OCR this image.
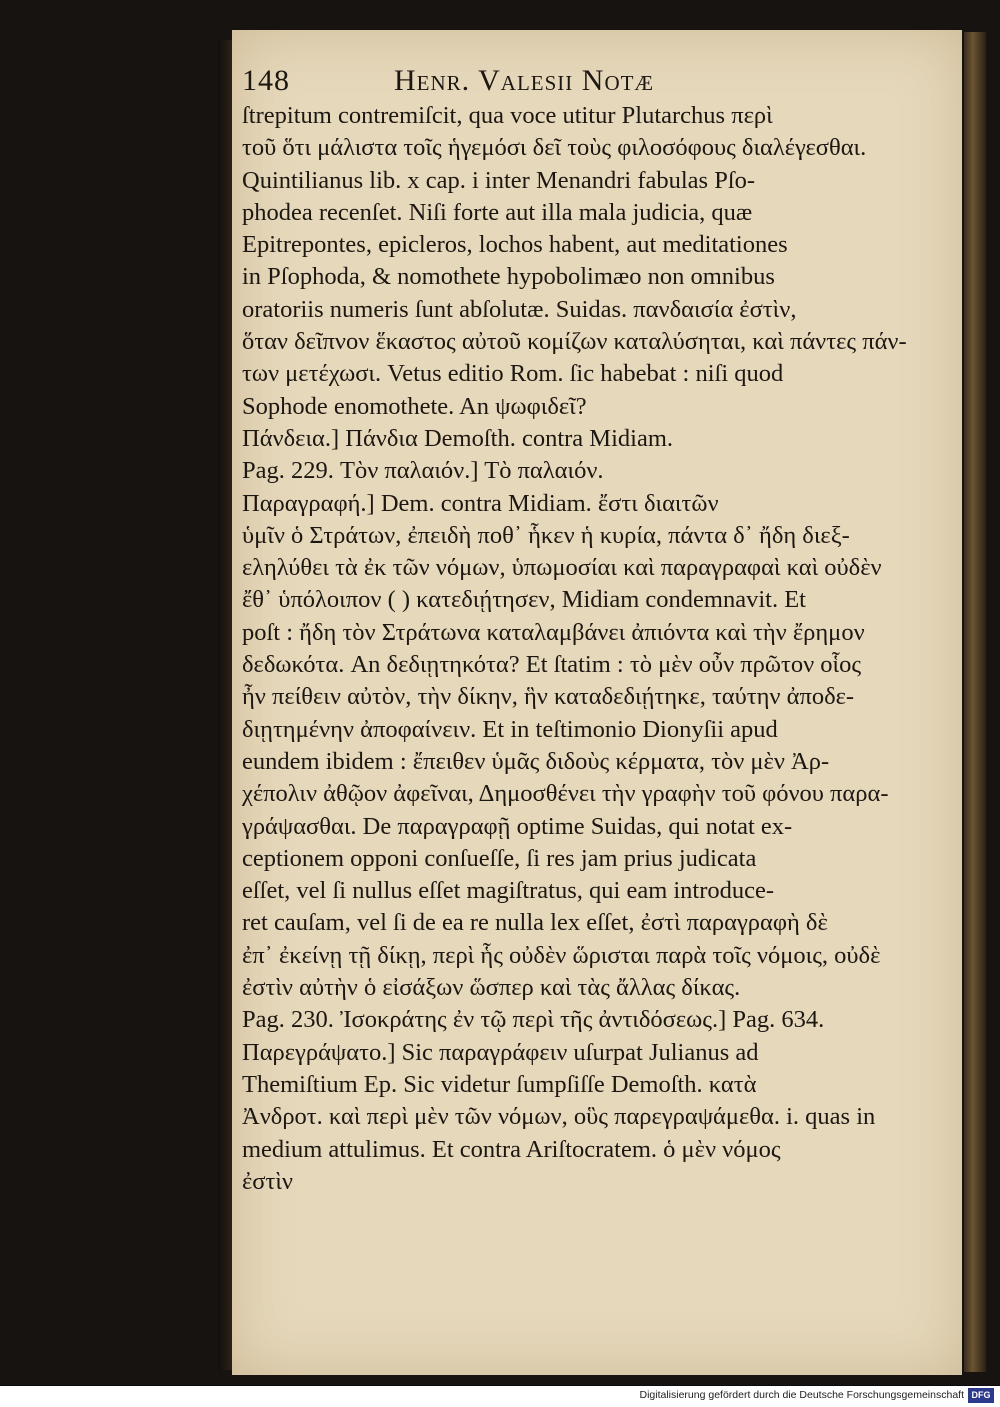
148	Henr. Valesii Notæ
ſtrepitum contremiſcit, qua voce utitur Plutarchus περὶ
τοῦ ὅτι μάλιστα τοῖς ἡγεμόσι δεῖ τοὺς φιλοσόφους διαλέγεσθαι.
Quintilianus lib. x cap. i inter Menandri fabulas Pſo-
phodea recenſet. Niſi forte aut illa mala judicia, quæ
Epitrepontes, epicleros, lochos habent, aut meditationes
in Pſophoda, & nomothete hypobolimæo non omnibus
oratoriis numeris ſunt abſolutæ. Suidas. πανδαισία ἐστὶν,
ὅταν δεῖπνον ἕκαστος αὐτοῦ κομίζων καταλύσηται, καὶ πάντες πάν-
των μετέχωσι. Vetus editio Rom. ſic habebat : niſi quod
Sophode enomothete. An ψωφιδεῖ?
Πάνδεια.] Πάνδια Demoſth. contra Midiam.
Pag. 229. Τὸν παλαιόν.] Τὸ παλαιόν.
Παραγραφή.] Dem. contra Midiam. ἔστι διαιτῶν
ὑμῖν ὁ Στράτων, ἐπειδὴ ποθ᾽ ἧκεν ἡ κυρία, πάντα δ᾽ ἤδη διεξ-
εληλύθει τὰ ἐκ τῶν νόμων, ὑπωμοσίαι καὶ παραγραφαὶ καὶ οὐδὲν
ἔθ᾽ ὑπόλοιπον ( ) κατεδιῄτησεν, Midiam condemnavit. Et
poſt : ἤδη τὸν Στράτωνα καταλαμβάνει ἀπιόντα καὶ τὴν ἔρημον
δεδωκότα. An δεδιῃτηκότα? Et ſtatim : τὸ μὲν οὖν πρῶτον οἷος
ἦν πείθειν αὐτὸν, τὴν δίκην, ἣν καταδεδιῄτηκε, ταύτην ἀποδε-
διῃτημένην ἀποφαίνειν. Et in teſtimonio Dionyſii apud
eundem ibidem : ἔπειθεν ὑμᾶς διδοὺς κέρματα, τὸν μὲν Ἀρ-
χέπολιν ἀθῷον ἀφεῖναι, Δημοσθένει τὴν γραφὴν τοῦ φόνου παρα-
γράψασθαι. De παραγραφῇ optime Suidas, qui notat ex-
ceptionem opponi conſueſſe, ſi res jam prius judicata
eſſet, vel ſi nullus eſſet magiſtratus, qui eam introduce-
ret cauſam, vel ſi de ea re nulla lex eſſet, ἐστὶ παραγραφὴ δὲ
ἐπ᾽ ἐκείνῃ τῇ δίκῃ, περὶ ἧς οὐδὲν ὥρισται παρὰ τοῖς νόμοις, οὐδὲ
ἐστὶν αὐτὴν ὁ εἰσάξων ὥσπερ καὶ τὰς ἄλλας δίκας.
Pag. 230. Ἰσοκράτης ἐν τῷ περὶ τῆς ἀντιδόσεως.] Pag. 634.
Παρεγράψατο.] Sic παραγράφειν uſurpat Julianus ad
Themiſtium Ep. Sic videtur ſumpſiſſe Demoſth. κατὰ
Ἀνδροτ. καὶ περὶ μὲν τῶν νόμων, οὓς παρεγραψάμεθα. i. quas in
medium attulimus. Et contra Ariſtocratem. ὁ μὲν νόμος
ἐστὶν
Digitalisierung gefördert durch die Deutsche Forschungsgemeinschaft DFG
